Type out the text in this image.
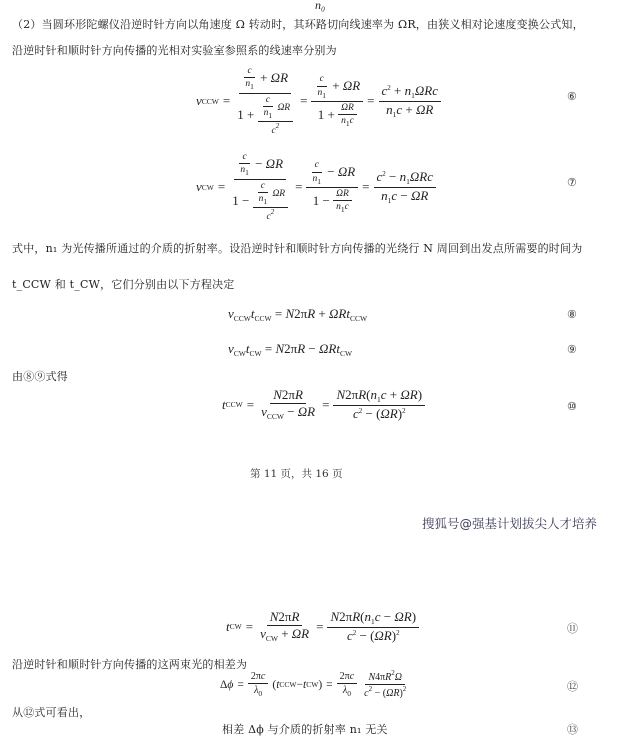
n₀
（2）当圆环形陀螺仪沿逆时针方向以角速度 Ω 转动时，其环路切向线速率为 ΩR，由狭义相对论速度变换公式知，
沿逆时针和顺时针方向传播的光相对实验室参照系的线速率分别为
v CCW =
$\frac{c}{n_1} + \Omega R$
$1 + \frac{\frac{c}{n_1} \Omega R}{c^2}$ =
$\frac{c}{n_1} + \Omega R$
$1 + \frac{\Omega R}{n_1c}$
=
$c^2 + n_1\Omega Rc$
$n_1c + \Omega R$
⑥
v CW =
$\frac{c}{n_1} - \Omega R$
$1 - \frac{\frac{c}{n_1} \Omega R}{c^2}$ =
$\frac{c}{n_1} - \Omega R$
$1 - \frac{\Omega R}{n_1c}$
=
$c^2 - n_1\Omega Rc$
$n_1c - \Omega R$
⑦
式中，n₁ 为光传播所通过的介质的折射率。设沿逆时针和顺时针方向传播的光绕行 N 周回到出发点所需要的时间为
t_CCW 和 t_CW，它们分别由以下方程决定
$v_{CCW}t_{CCW} = N2\pi R + \Omega Rt_{CCW}$	⑧
$v_{CW}t_{CW} = N2\pi R - \Omega Rt_{CW}$	⑨
由⑧⑨式得
t CCW =
N2πR
$v_{CCW} - \Omega R$
=
$N2\pi R(n_1c + \Omega R)$
$c^2 - (\Omega R)^2$	⑩
第 11 页，共 16 页
搜狐号@强基计划拔尖人才培养
t CW =
N2πR
$v_{CW} + \Omega R$
=
$N2\pi R(n_1c - \Omega R)$
$c^2 - (\Omega R)^2$	⑪
沿逆时针和顺时针方向传播的这两束光的相差为
Δ ϕ =
2πc
$\lambda_0$
( t CCW − t CW ) =
2πc
$\lambda_0$
$N4\pi R^2\Omega$
$c^2 - (\Omega R)^2$	⑫
从⑫式可看出，
相差 Δϕ 与介质的折射率 n₁ 无关	⑬
